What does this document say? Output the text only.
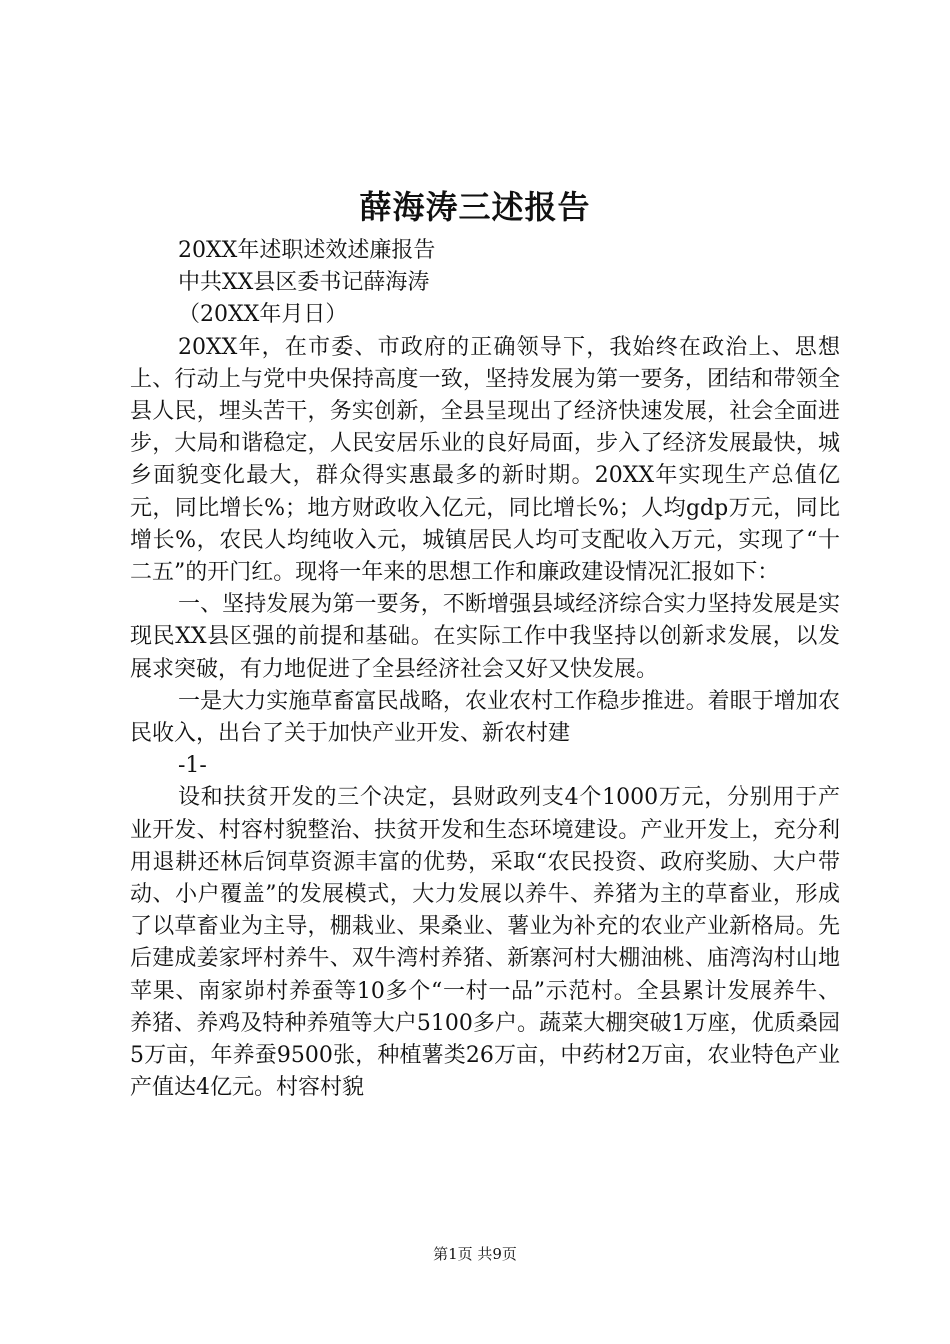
薛海涛三述报告

20XX年述职述效述廉报告

中共XX县区委书记薛海涛

（20XX年月日）

20XX年，在市委、市政府的正确领导下，我始终在政治上、思想上、行动上与党中央保持高度一致，坚持发展为第一要务，团结和带领全县人民，埋头苦干，务实创新，全县呈现出了经济快速发展，社会全面进步，大局和谐稳定，人民安居乐业的良好局面，步入了经济发展最快，城乡面貌变化最大，群众得实惠最多的新时期。20XX年实现生产总值亿元，同比增长%；地方财政收入亿元，同比增长%；人均gdp万元，同比增长%，农民人均纯收入元，城镇居民人均可支配收入万元，实现了“十二五”的开门红。现将一年来的思想工作和廉政建设情况汇报如下：

一、坚持发展为第一要务，不断增强县域经济综合实力坚持发展是实现民XX县区强的前提和基础。在实际工作中我坚持以创新求发展，以发展求突破，有力地促进了全县经济社会又好又快发展。

一是大力实施草畜富民战略，农业农村工作稳步推进。着眼于增加农民收入，出台了关于加快产业开发、新农村建

-1-

设和扶贫开发的三个决定，县财政列支4个1000万元，分别用于产业开发、村容村貌整治、扶贫开发和生态环境建设。产业开发上，充分利用退耕还林后饲草资源丰富的优势，采取“农民投资、政府奖励、大户带动、小户覆盖”的发展模式，大力发展以养牛、养猪为主的草畜业，形成了以草畜业为主导，棚栽业、果桑业、薯业为补充的农业产业新格局。先后建成姜家坪村养牛、双牛湾村养猪、新寨河村大棚油桃、庙湾沟村山地苹果、南家峁村养蚕等10多个“一村一品”示范村。全县累计发展养牛、养猪、养鸡及特种养殖等大户5100多户。蔬菜大棚突破1万座，优质桑园5万亩，年养蚕9500张，种植薯类26万亩，中药材2万亩，农业特色产业产值达4亿元。村容村貌

第1页 共9页
